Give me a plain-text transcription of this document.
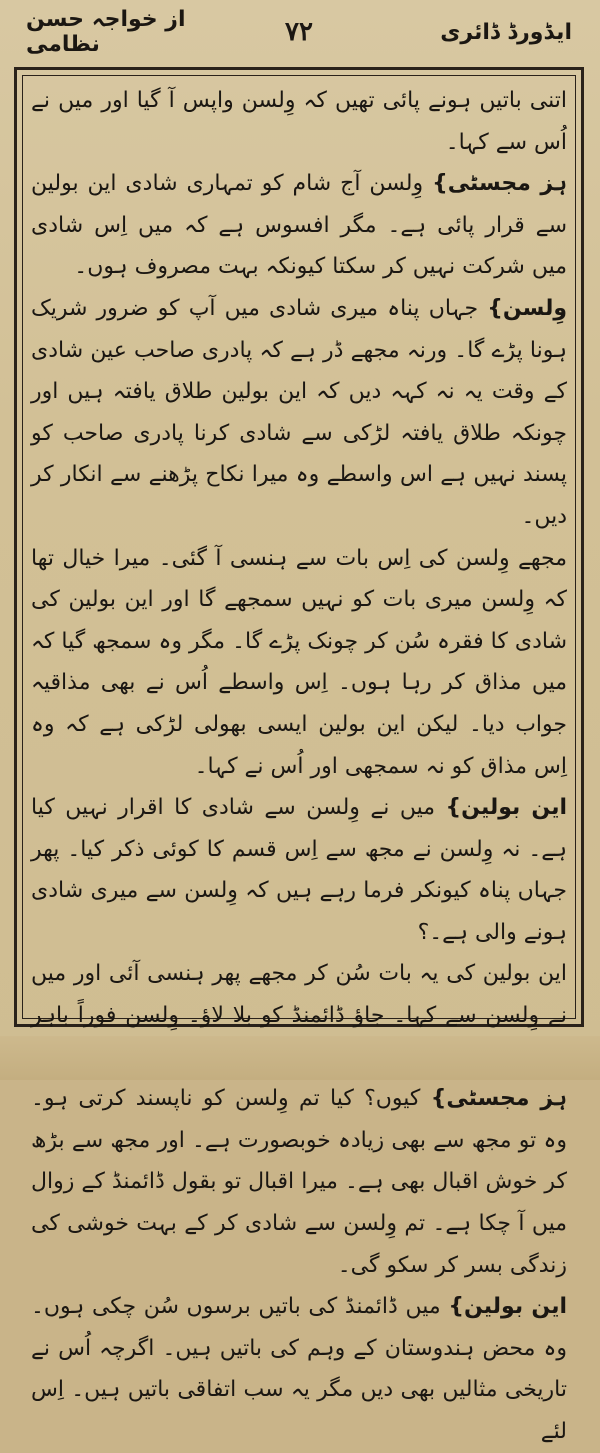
ایڈورڈ ڈائری
۷۲
از خواجہ حسن نظامی

اتنی باتیں ہونے پائی تھیں کہ وِلسن واپس آ گیا اور میں نے اُس سے کہا۔

ہز مجسٹی} وِلسن آج شام کو تمہاری شادی این بولین سے قرار پائی ہے۔ مگر افسوس ہے کہ میں اِس شادی میں شرکت نہیں کر سکتا کیونکہ بہت مصروف ہوں۔

وِلسن} جہاں پناہ میری شادی میں آپ کو ضرور شریک ہونا پڑے گا۔ ورنہ مجھے ڈر ہے کہ پادری صاحب عین شادی کے وقت یہ نہ کہہ دیں کہ این بولین طلاق یافتہ ہیں اور چونکہ طلاق یافتہ لڑکی سے شادی کرنا پادری صاحب کو پسند نہیں ہے اس واسطے وہ میرا نکاح پڑھنے سے انکار کر دیں۔

مجھے وِلسن کی اِس بات سے ہنسی آ گئی۔ میرا خیال تھا کہ وِلسن میری بات کو نہیں سمجھے گا اور این بولین کی شادی کا فقرہ سُن کر چونک پڑے گا۔ مگر وہ سمجھ گیا کہ میں مذاق کر رہا ہوں۔ اِس واسطے اُس نے بھی مذاقیہ جواب دیا۔ لیکن این بولین ایسی بھولی لڑکی ہے کہ وہ اِس مذاق کو نہ سمجھی اور اُس نے کہا۔

این بولین} میں نے وِلسن سے شادی کا اقرار نہیں کیا ہے۔ نہ وِلسن نے مجھ سے اِس قسم کا کوئی ذکر کیا۔ پھر جہاں پناہ کیونکر فرما رہے ہیں کہ وِلسن سے میری شادی ہونے والی ہے۔؟

این بولین کی یہ بات سُن کر مجھے پھر ہنسی آئی اور میں نے وِلسن سے کہا۔ جاؤ ڈائمنڈ کو بلا لاؤ۔ وِلسن فوراً باہر

ہز مجسٹی} کیوں؟ کیا تم وِلسن کو ناپسند کرتی ہو۔ وہ تو مجھ سے بھی زیادہ خوبصورت ہے۔ اور مجھ سے بڑھ کر خوش اقبال بھی ہے۔ میرا اقبال تو بقول ڈائمنڈ کے زوال میں آ چکا ہے۔ تم وِلسن سے شادی کر کے بہت خوشی کی زندگی بسر کر سکو گی۔

این بولین} میں ڈائمنڈ کی باتیں برسوں سُن چکی ہوں۔ وہ محض ہندوستان کے وہم کی باتیں ہیں۔ اگرچہ اُس نے تاریخی مثالیں بھی دیں مگر یہ سب اتفاقی باتیں ہیں۔ اِس لئے
